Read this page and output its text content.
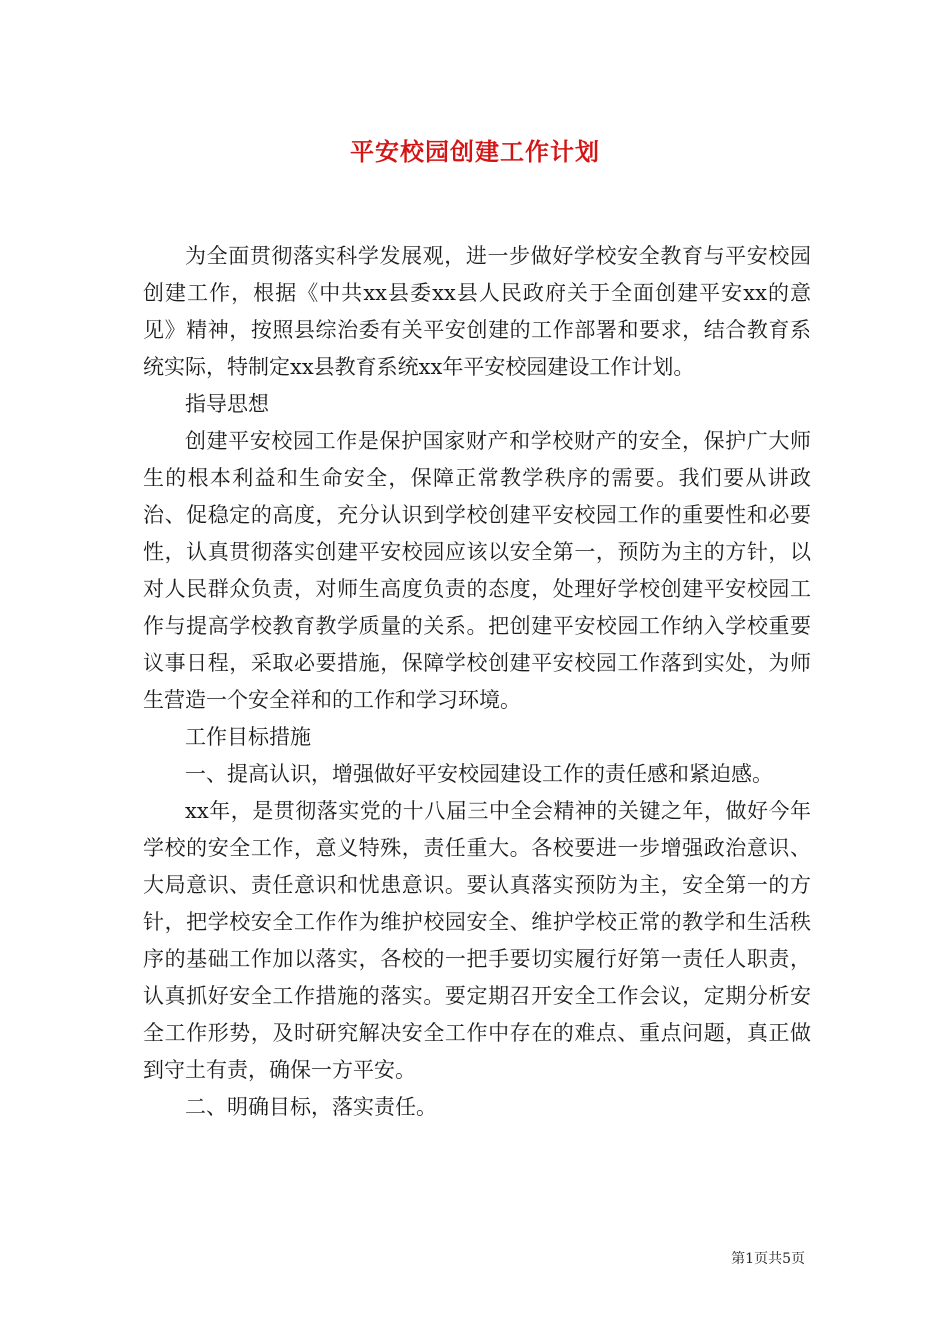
平安校园创建工作计划

为全面贯彻落实科学发展观，进一步做好学校安全教育与平安校园创建工作，根据《中共xx县委xx县人民政府关于全面创建平安xx的意见》精神，按照县综治委有关平安创建的工作部署和要求，结合教育系统实际，特制定xx县教育系统xx年平安校园建设工作计划。

指导思想

创建平安校园工作是保护国家财产和学校财产的安全，保护广大师生的根本利益和生命安全，保障正常教学秩序的需要。我们要从讲政治、促稳定的高度，充分认识到学校创建平安校园工作的重要性和必要性，认真贯彻落实创建平安校园应该以安全第一，预防为主的方针，以对人民群众负责，对师生高度负责的态度，处理好学校创建平安校园工作与提高学校教育教学质量的关系。把创建平安校园工作纳入学校重要议事日程，采取必要措施，保障学校创建平安校园工作落到实处，为师生营造一个安全祥和的工作和学习环境。

工作目标措施

一、提高认识，增强做好平安校园建设工作的责任感和紧迫感。

xx年，是贯彻落实党的十八届三中全会精神的关键之年，做好今年学校的安全工作，意义特殊，责任重大。各校要进一步增强政治意识、大局意识、责任意识和忧患意识。要认真落实预防为主，安全第一的方针，把学校安全工作作为维护校园安全、维护学校正常的教学和生活秩序的基础工作加以落实，各校的一把手要切实履行好第一责任人职责，认真抓好安全工作措施的落实。要定期召开安全工作会议，定期分析安全工作形势，及时研究解决安全工作中存在的难点、重点问题，真正做到守土有责，确保一方平安。

二、明确目标，落实责任。

第1页共5页
